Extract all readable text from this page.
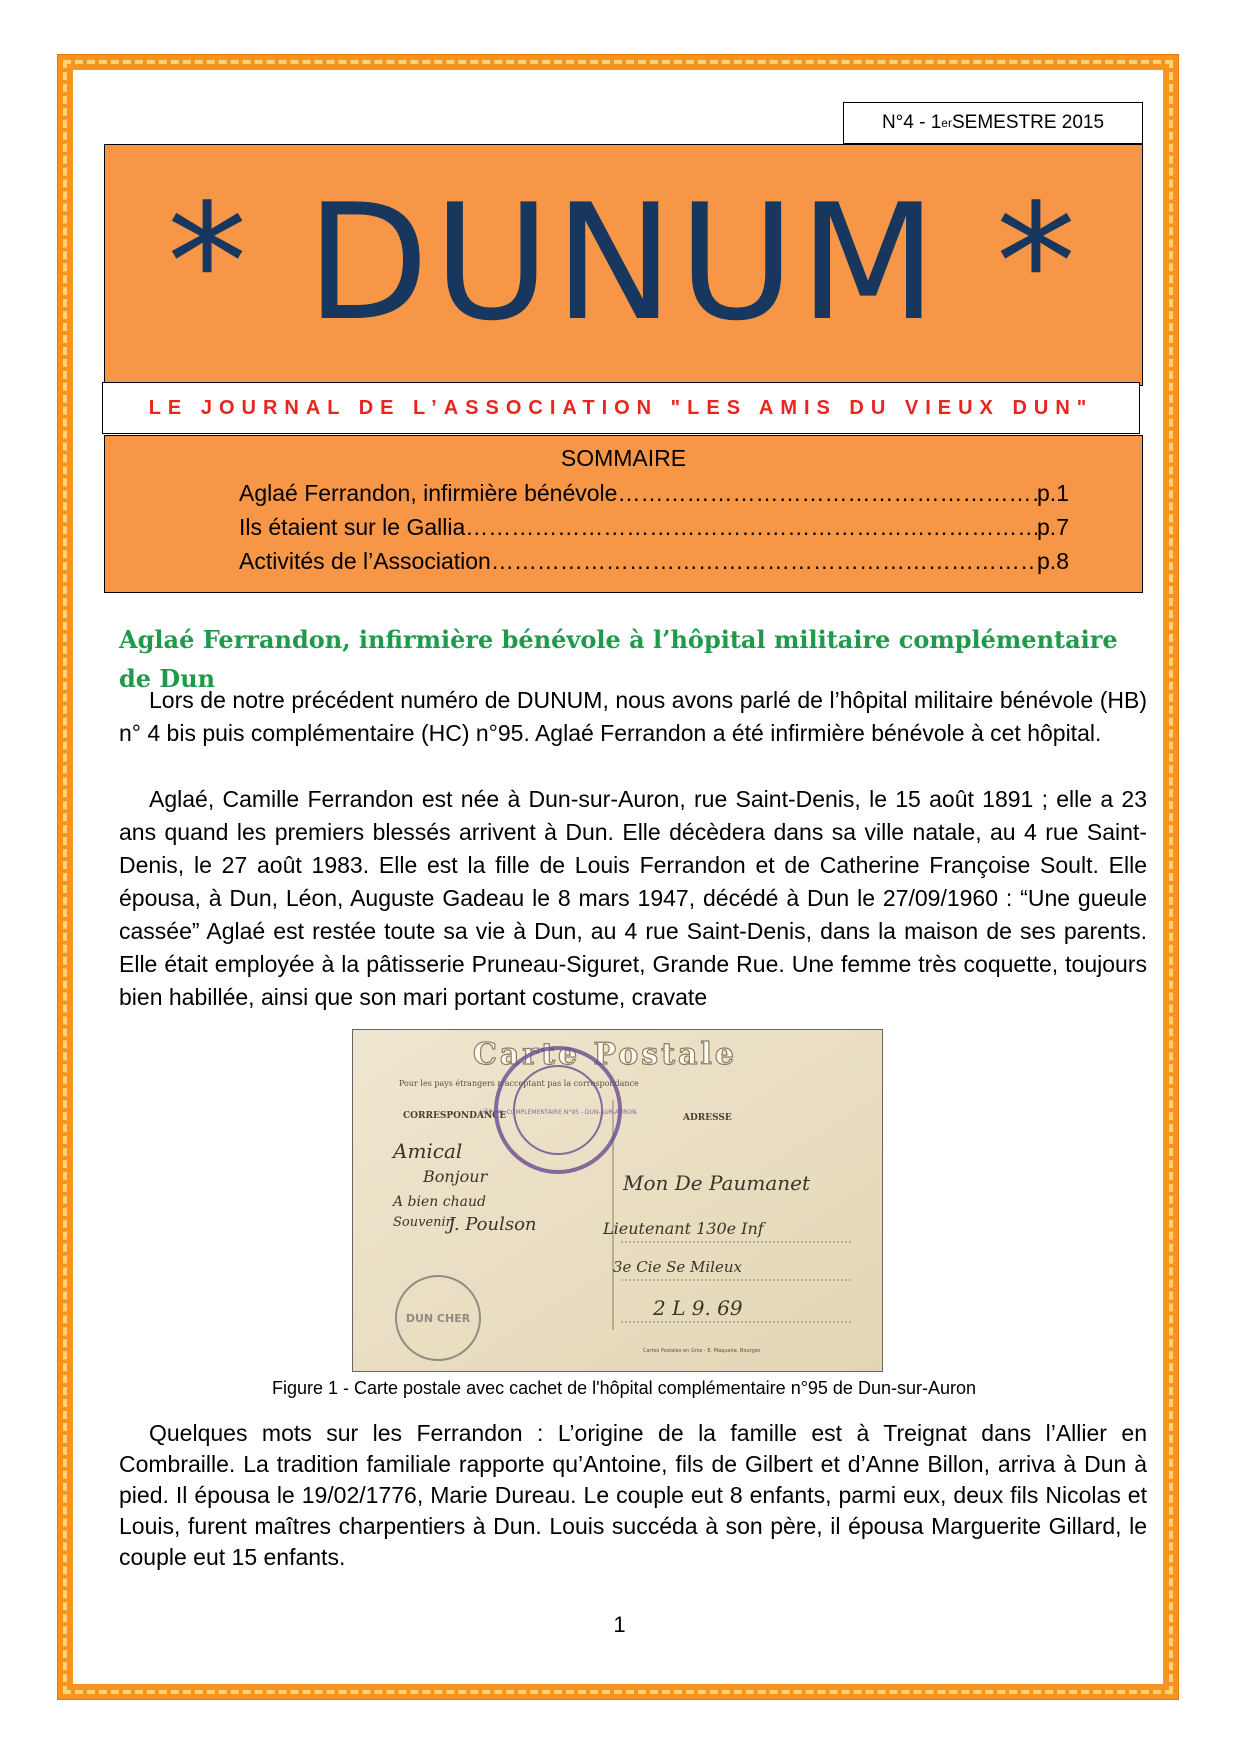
N°4 - 1 er SEMESTRE 2015
* DUNUM *
LE JOURNAL DE L’ASSOCIATION "LES AMIS DU VIEUX DUN"
SOMMAIRE
Aglaé Ferrandon, infirmière bénévole ………………………………………………………………………………………………………………	p.1
Ils étaient sur le Gallia ………………………………………………………………………………………………………………	p.7
Activités de l’Association ………………………………………………………………………………………………………………	p.8
Aglaé Ferrandon, infirmière bénévole à l’hôpital militaire complémentaire de Dun

Lors de notre précédent numéro de DUNUM, nous avons parlé de l’hôpital militaire bénévole (HB) n° 4 bis puis complémentaire (HC) n°95. Aglaé Ferrandon a été infirmière bénévole à cet hôpital.

Aglaé, Camille Ferrandon est née à Dun-sur-Auron, rue Saint-Denis, le 15 août 1891 ; elle a 23 ans quand les premiers blessés arrivent à Dun. Elle décèdera dans sa ville natale, au 4 rue Saint-Denis, le 27 août 1983. Elle est la fille de Louis Ferrandon et de Catherine Françoise Soult. Elle épousa, à Dun, Léon, Auguste Gadeau le 8 mars 1947, décédé à Dun le 27/09/1960 : “Une gueule cassée” Aglaé est restée toute sa vie à Dun, au 4 rue Saint-Denis, dans la maison de ses parents. Elle était employée à la pâtisserie Pruneau-Siguret, Grande Rue. Une femme très coquette, toujours bien habillée, ainsi que son mari portant costume, cravate

Carte Postale
Pour les pays étrangers n'acceptant pas la correspondance
CORRESPONDANCE	ADRESSE
HÔPITAL COMPLÉMENTAIRE N°95 - DUN-SUR-AURON
Amical
Bonjour
A bien chaud
Souvenir
J. Poulson
Mon De Paumanet
Lieutenant 130e Inf
3e Cie Se Mileux
2 L 9. 69
DUN CHER
Cartes Postales en Gros - E. Maquaire, Bourges
Figure 1 - Carte postale avec cachet de l'hôpital complémentaire n°95 de Dun-sur-Auron

Quelques mots sur les Ferrandon : L’origine de la famille est à Treignat dans l’Allier en Combraille. La tradition familiale rapporte qu’Antoine, fils de Gilbert et d’Anne Billon, arriva à Dun à pied. Il épousa le 19/02/1776, Marie Dureau. Le couple eut 8 enfants, parmi eux, deux fils Nicolas et Louis, furent maîtres charpentiers à Dun. Louis succéda à son père, il épousa Marguerite Gillard, le couple eut 15 enfants.

1
